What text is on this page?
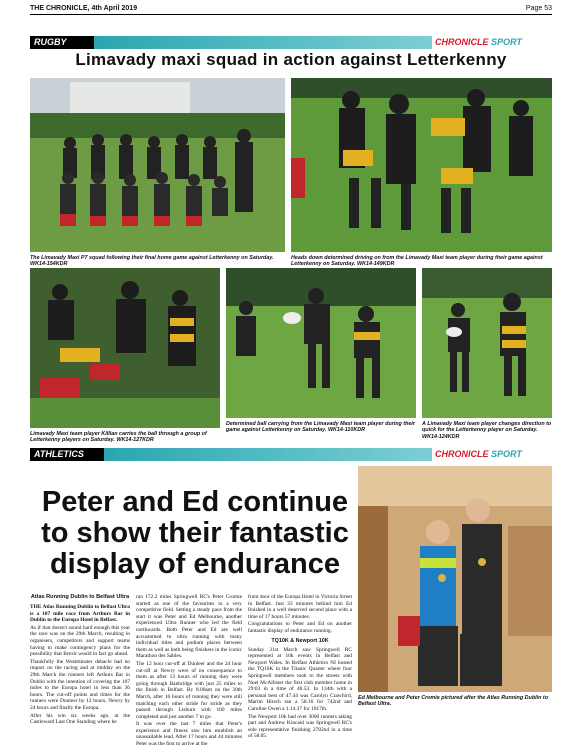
THE CHRONICLE, 4th April 2019	Page 53
RUGBY	CHRONICLE SPORT
Limavady maxi squad in action against Letterkenny
The Limavady Maxi P7 squad following their final home game against Letterkenny on Saturday. WK14-154KDR
Heads down determined driving on from the Limavady Maxi team player during their game against Letterkenny on Saturday. WK14-149KDR
Limavady Maxi team player Killian carries the ball through a group of Letterkenny players on Saturday. WK14-127KDR
Determined ball carrying from the Limavady Maxi team player during their game against Letterkenny on Saturday. WK14-110KDR
A Limavady Maxi team player changes direction to quick for the Letterkenny player on Saturday. WK14-124KDR
ATHLETICS	CHRONICLE SPORT
Peter and Ed continue to show their fantastic display of endurance
Atlas Running Dublin to Belfast Ultra

THE Atlas Running Dublin to Belfast Ultra is a 107 mile race from Arthurs Bar in Dublin to the Europa Hotel in Belfast.

As if that doesn't sound hard enough this year the race was on the 29th March, resulting in organisers, competitors and support teams having to make contingency plans for the possibility that Brexit would in fact go ahead.

Thankfully the Westminster debacle had no impact on the racing and at midday on the 29th March the runners left Arthurs Bar in Dublin with the intention of covering the 107 miles to the Europa hotel in less than 36 hours. The cut-off points and times for the runners were Dunleer by 12 hours, Newry by 24 hours and finally the Europa.

After his win six weeks ago, at the Castleward Last One Standing where he

ran 172.2 miles Springwell RC's Peter Cromie started as one of the favourites in a very competitive field. Setting a steady pace from the start it was Peter and Ed Melbourne, another experienced Ultra Runner who led the field northwards. Both Peter and Ed are well accustomed to ultra running with many individual titles and podium places between them as well as both being finishers in the iconic Marathon des Sables.

The 12 hour cut-off at Dunleer and the 24 hour cut-off at Newry were of no consequence to them as after 13 hours of running they were going through Banbridge with just 25 miles to the finish in Belfast. By 8.00am on the 30th March, after 16 hours of running they were still matching each other stride for stride as they passed through Lisburn with 100 miles completed and just another 7 to go.

It was over the last 7 miles that Peter's experience and fitness saw him establish an unassailable lead. After 17 hours and 44 minutes Peter was the first to arrive at the

front door of the Europa Hotel in Victoria Street in Belfast. Just 33 minutes behind him Ed finished in a well deserved second place with a time of 17 hours 57 minutes.

Congratulations to Peter and Ed on another fantastic display of endurance running.

TQ10K & Newport 10K

Sunday 31st March saw Springwell RC represented at 10k events in Belfast and Newport Wales. In Belfast Athletics NI hosted the TQ10K in the Titanic Quarter where four Springwell members took to the streets with Noel McAllister the first club member home in 29:03 in a time of 46.53. In 134th with a personal best of 47.44 was Carolyn Crawford, Martin Hirsch ran a 58.16 for 742nd and Caroline Owen a 1.14.37 for 1017th.

The Newport 10k had over 3000 runners taking part and Andrew Kincaid was Springwell RC's sole representative finishing 2782nd in a time of 58.05.

Ed Melbourne and Peter Cromie pictured after the Atlas Running Dublin to Belfast Ultra.
